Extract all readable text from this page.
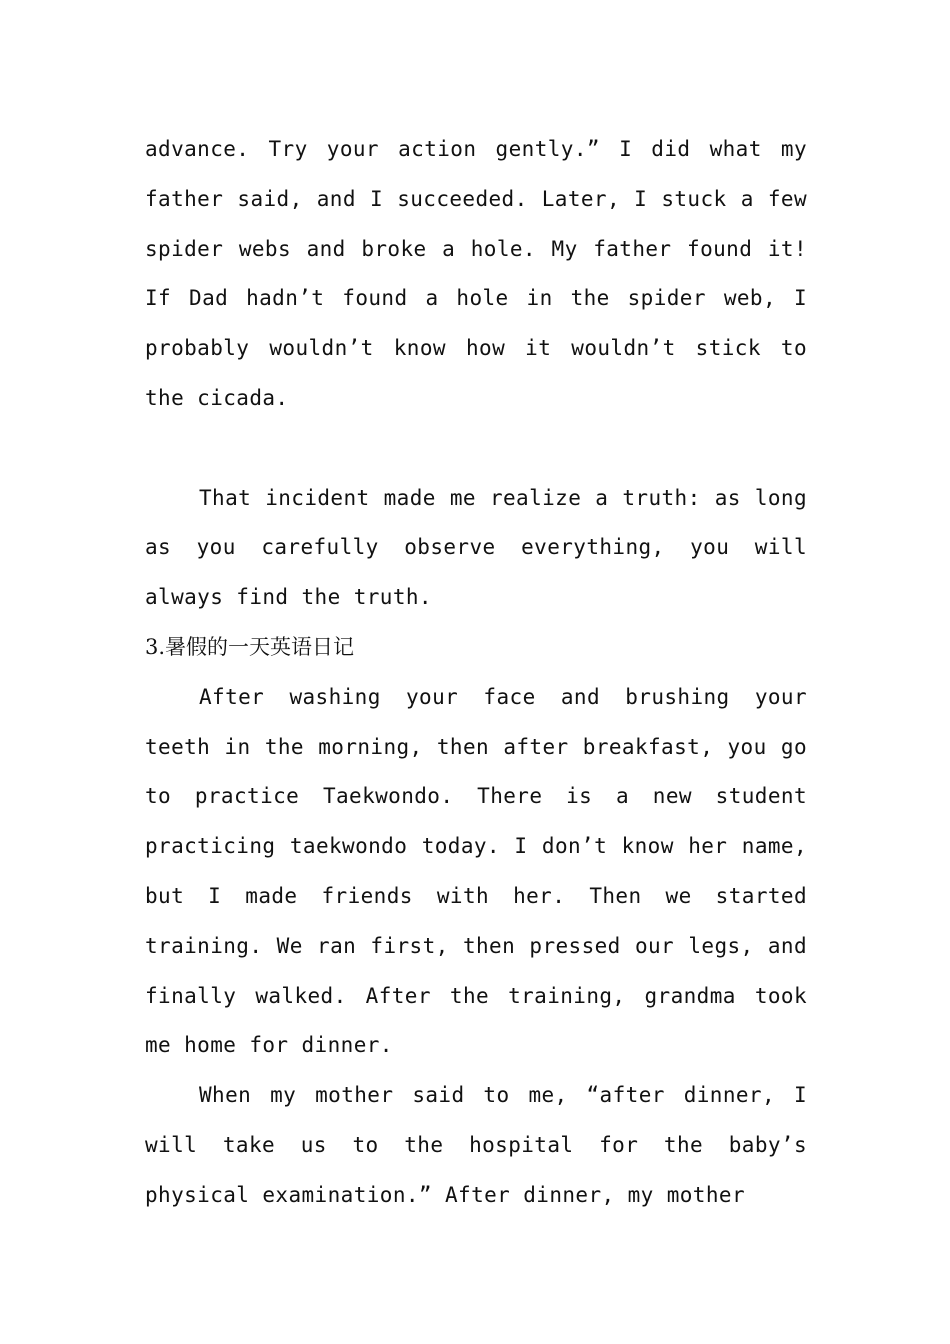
advance. Try your action gently.” I did what my father said, and I succeeded. Later, I stuck a few spider webs and broke a hole. My father found it! If Dad hadn’t found a hole in the spider web, I probably wouldn’t know how it wouldn’t stick to the cicada.

That incident made me realize a truth: as long as you carefully observe everything, you will always find the truth.

3.暑假的一天英语日记

After washing your face and brushing your teeth in the morning, then after breakfast, you go to practice Taekwondo. There is a new student practicing taekwondo today. I don’t know her name, but I made friends with her. Then we started training. We ran first, then pressed our legs, and finally walked. After the training, grandma took me home for dinner.

When my mother said to me, “after dinner, I will take us to the hospital for the baby’s physical examination.” After dinner, my mother
